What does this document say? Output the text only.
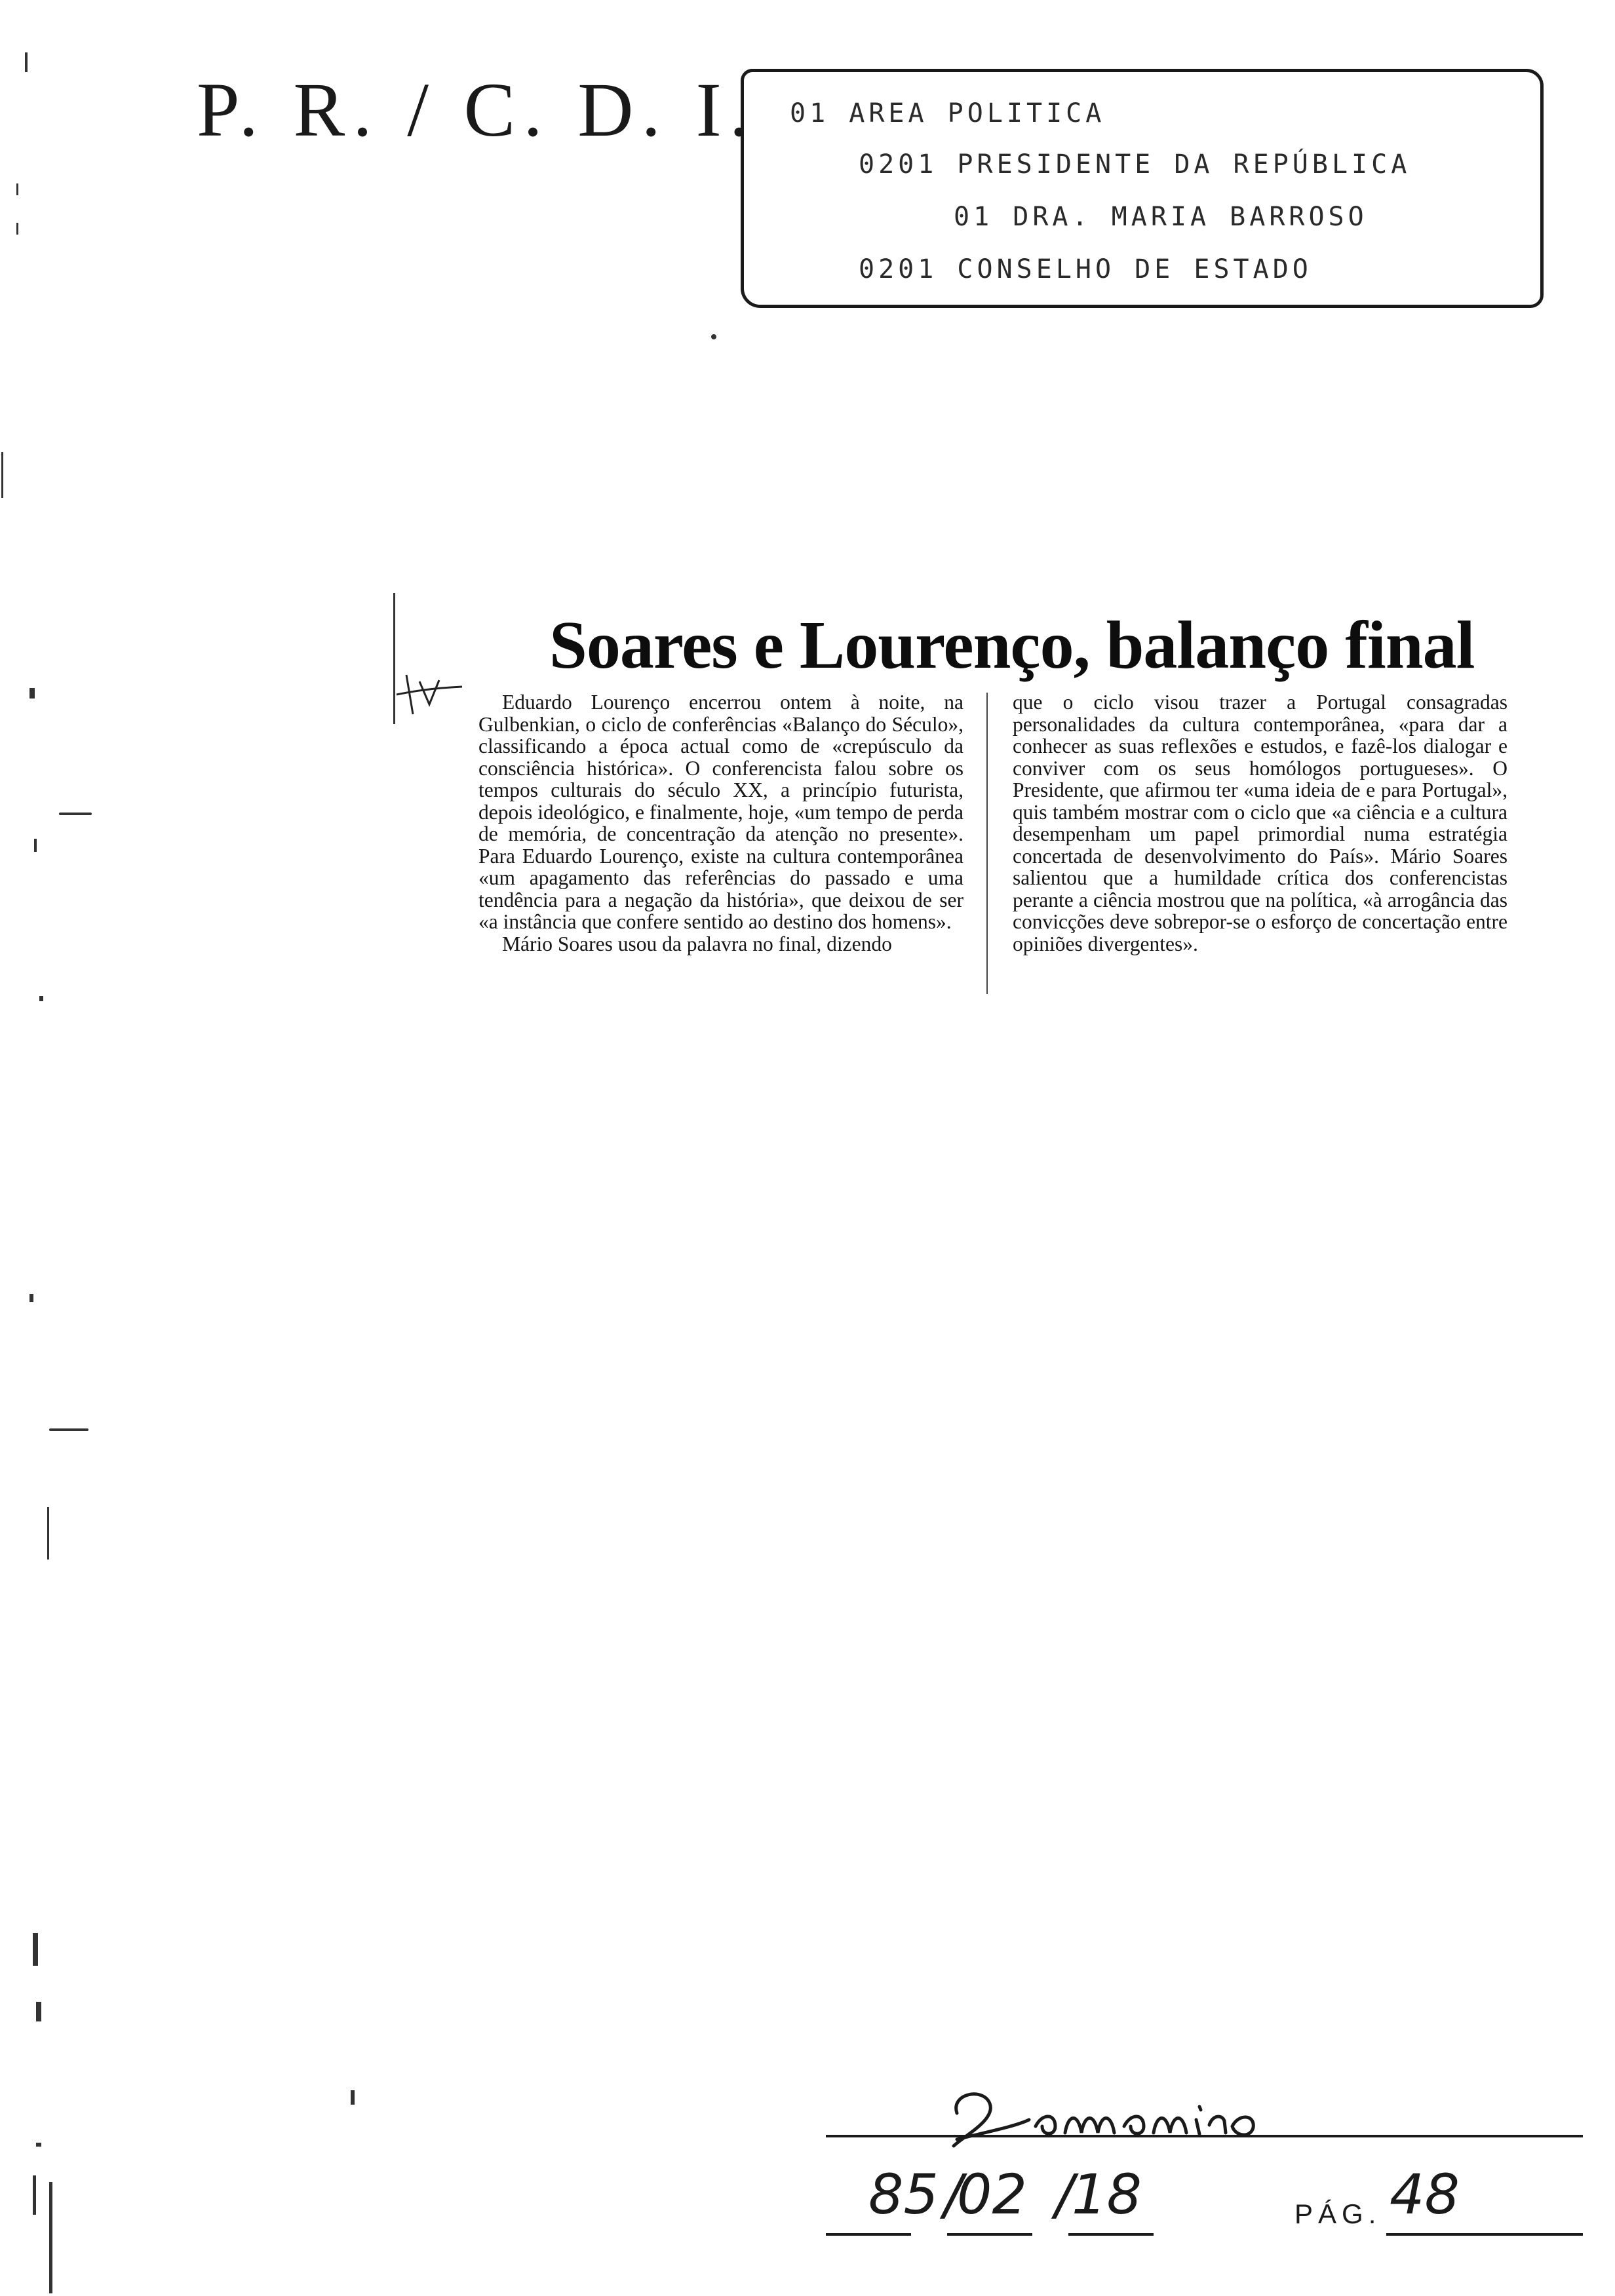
P. R. / C. D. I. 01 AREA POLITICA
0201 PRESIDENTE DA REPÚBLICA
01 DRA. MARIA BARROSO
0201 CONSELHO DE ESTADO
Soares e Lourenço, balanço final

Eduardo Lourenço encerrou ontem à noite, na Gulbenkian, o ciclo de conferências «Balanço do Século», classificando a época actual como de «crepúsculo da consciência histórica». O conferencista falou sobre os tempos culturais do século XX, a princípio futurista, depois ideológico, e finalmente, hoje, «um tempo de perda de memória, de concentração da atenção no presente». Para Eduardo Lourenço, existe na cultura contemporânea «um apagamento das referências do passado e uma tendência para a negação da história», que deixou de ser «a instância que confere sentido ao destino dos homens».

Mário Soares usou da palavra no final, dizendo

que o ciclo visou trazer a Portugal consagradas personalidades da cultura contemporânea, «para dar a conhecer as suas reflexões e estudos, e fazê-los dialogar e conviver com os seus homólogos portugueses». O Presidente, que afirmou ter «uma ideia de e para Portugal», quis também mostrar com o ciclo que «a ciência e a cultura desempenham um papel primordial numa estratégia concertada de desenvolvimento do País». Mário Soares salientou que a humildade crítica dos conferencistas perante a ciência mostrou que na política, «à arrogância das convicções deve sobrepor-se o esforço de concertação entre opiniões divergentes».

85 /
02 /
18	PÁG. 48
